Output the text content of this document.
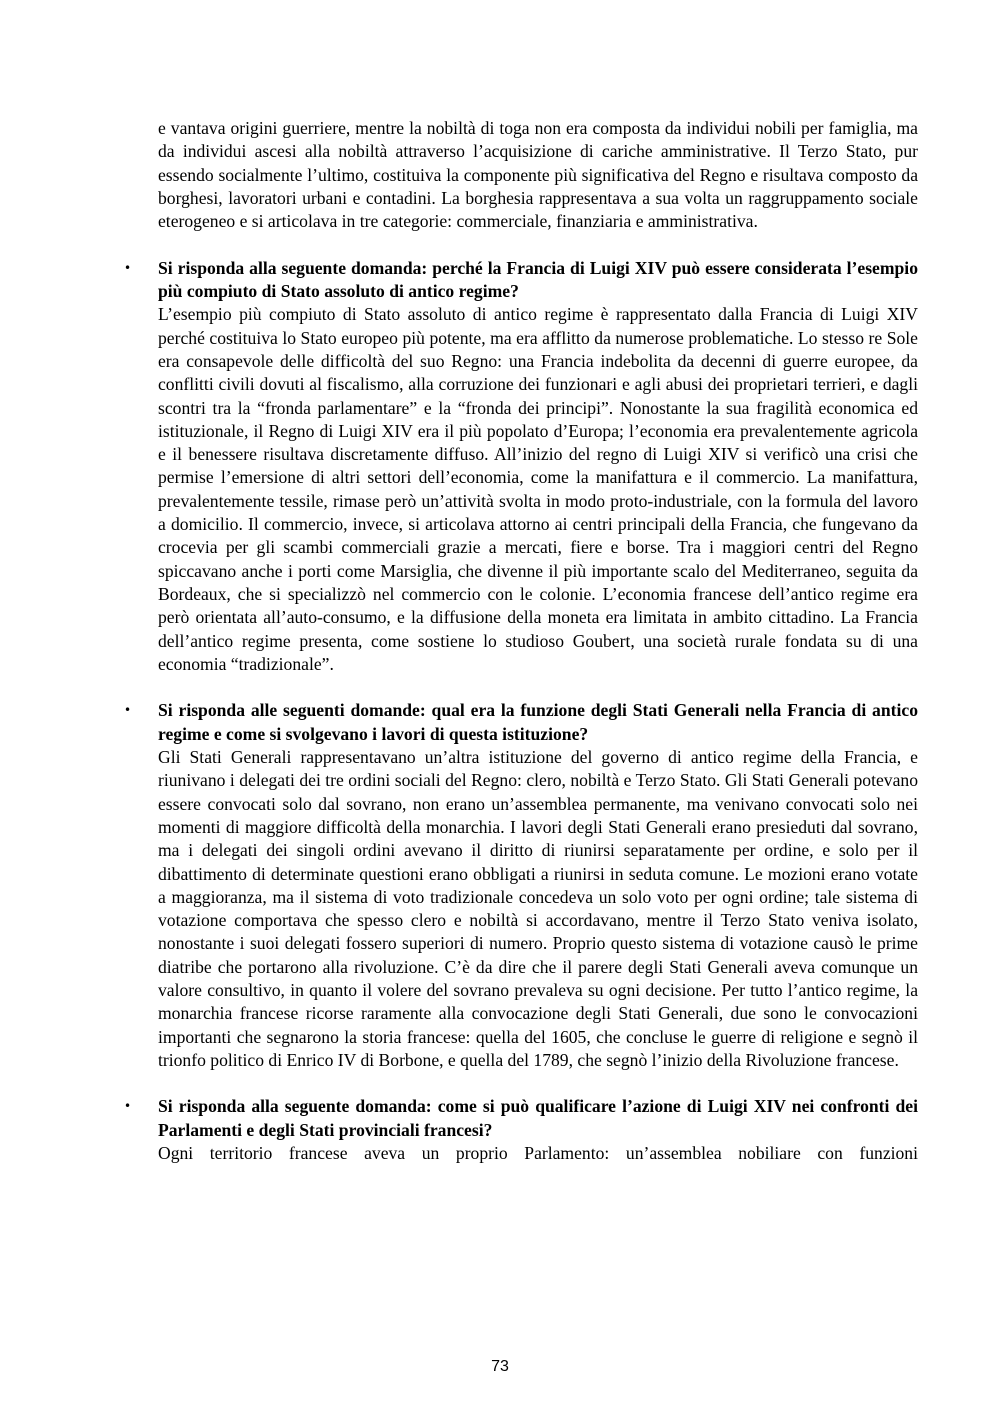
e vantava origini guerriere, mentre la nobiltà di toga non era composta da individui nobili per famiglia, ma da individui ascesi alla nobiltà attraverso l’acquisizione di cariche amministrative. Il Terzo Stato, pur essendo socialmente l’ultimo, costituiva la componente più significativa del Regno e risultava composto da borghesi, lavoratori urbani e contadini. La borghesia rappresentava a sua volta un raggruppamento sociale eterogeneo e si articolava in tre categorie: commerciale, finanziaria e amministrativa.

• Si risponda alla seguente domanda: perché la Francia di Luigi XIV può essere considerata l’esempio più compiuto di Stato assoluto di antico regime?

L’esempio più compiuto di Stato assoluto di antico regime è rappresentato dalla Francia di Luigi XIV perché costituiva lo Stato europeo più potente, ma era afflitto da numerose problematiche. Lo stesso re Sole era consapevole delle difficoltà del suo Regno: una Francia indebolita da decenni di guerre europee, da conflitti civili dovuti al fiscalismo, alla corruzione dei funzionari e agli abusi dei proprietari terrieri, e dagli scontri tra la “fronda parlamentare” e la “fronda dei principi”. Nonostante la sua fragilità economica ed istituzionale, il Regno di Luigi XIV era il più popolato d’Europa; l’economia era prevalentemente agricola e il benessere risultava discretamente diffuso. All’inizio del regno di Luigi XIV si verificò una crisi che permise l’emersione di altri settori dell’economia, come la manifattura e il commercio. La manifattura, prevalentemente tessile, rimase però un’attività svolta in modo proto-industriale, con la formula del lavoro a domicilio. Il commercio, invece, si articolava attorno ai centri principali della Francia, che fungevano da crocevia per gli scambi commerciali grazie a mercati, fiere e borse. Tra i maggiori centri del Regno spiccavano anche i porti come Marsiglia, che divenne il più importante scalo del Mediterraneo, seguita da Bordeaux, che si specializzò nel commercio con le colonie. L’economia francese dell’antico regime era però orientata all’auto-consumo, e la diffusione della moneta era limitata in ambito cittadino. La Francia dell’antico regime presenta, come sostiene lo studioso Goubert, una società rurale fondata su di una economia “tradizionale”.

• Si risponda alle seguenti domande: qual era la funzione degli Stati Generali nella Francia di antico regime e come si svolgevano i lavori di questa istituzione?

Gli Stati Generali rappresentavano un’altra istituzione del governo di antico regime della Francia, e riunivano i delegati dei tre ordini sociali del Regno: clero, nobiltà e Terzo Stato. Gli Stati Generali potevano essere convocati solo dal sovrano, non erano un’assemblea permanente, ma venivano convocati solo nei momenti di maggiore difficoltà della monarchia. I lavori degli Stati Generali erano presieduti dal sovrano, ma i delegati dei singoli ordini avevano il diritto di riunirsi separatamente per ordine, e solo per il dibattimento di determinate questioni erano obbligati a riunirsi in seduta comune. Le mozioni erano votate a maggioranza, ma il sistema di voto tradizionale concedeva un solo voto per ogni ordine; tale sistema di votazione comportava che spesso clero e nobiltà si accordavano, mentre il Terzo Stato veniva isolato, nonostante i suoi delegati fossero superiori di numero. Proprio questo sistema di votazione causò le prime diatribe che portarono alla rivoluzione. C’è da dire che il parere degli Stati Generali aveva comunque un valore consultivo, in quanto il volere del sovrano prevaleva su ogni decisione. Per tutto l’antico regime, la monarchia francese ricorse raramente alla convocazione degli Stati Generali, due sono le convocazioni importanti che segnarono la storia francese: quella del 1605, che concluse le guerre di religione e segnò il trionfo politico di Enrico IV di Borbone, e quella del 1789, che segnò l’inizio della Rivoluzione francese.

• Si risponda alla seguente domanda: come si può qualificare l’azione di Luigi XIV nei confronti dei Parlamenti e degli Stati provinciali francesi?

Ogni territorio francese aveva un proprio Parlamento: un’assemblea nobiliare con funzioni

73
